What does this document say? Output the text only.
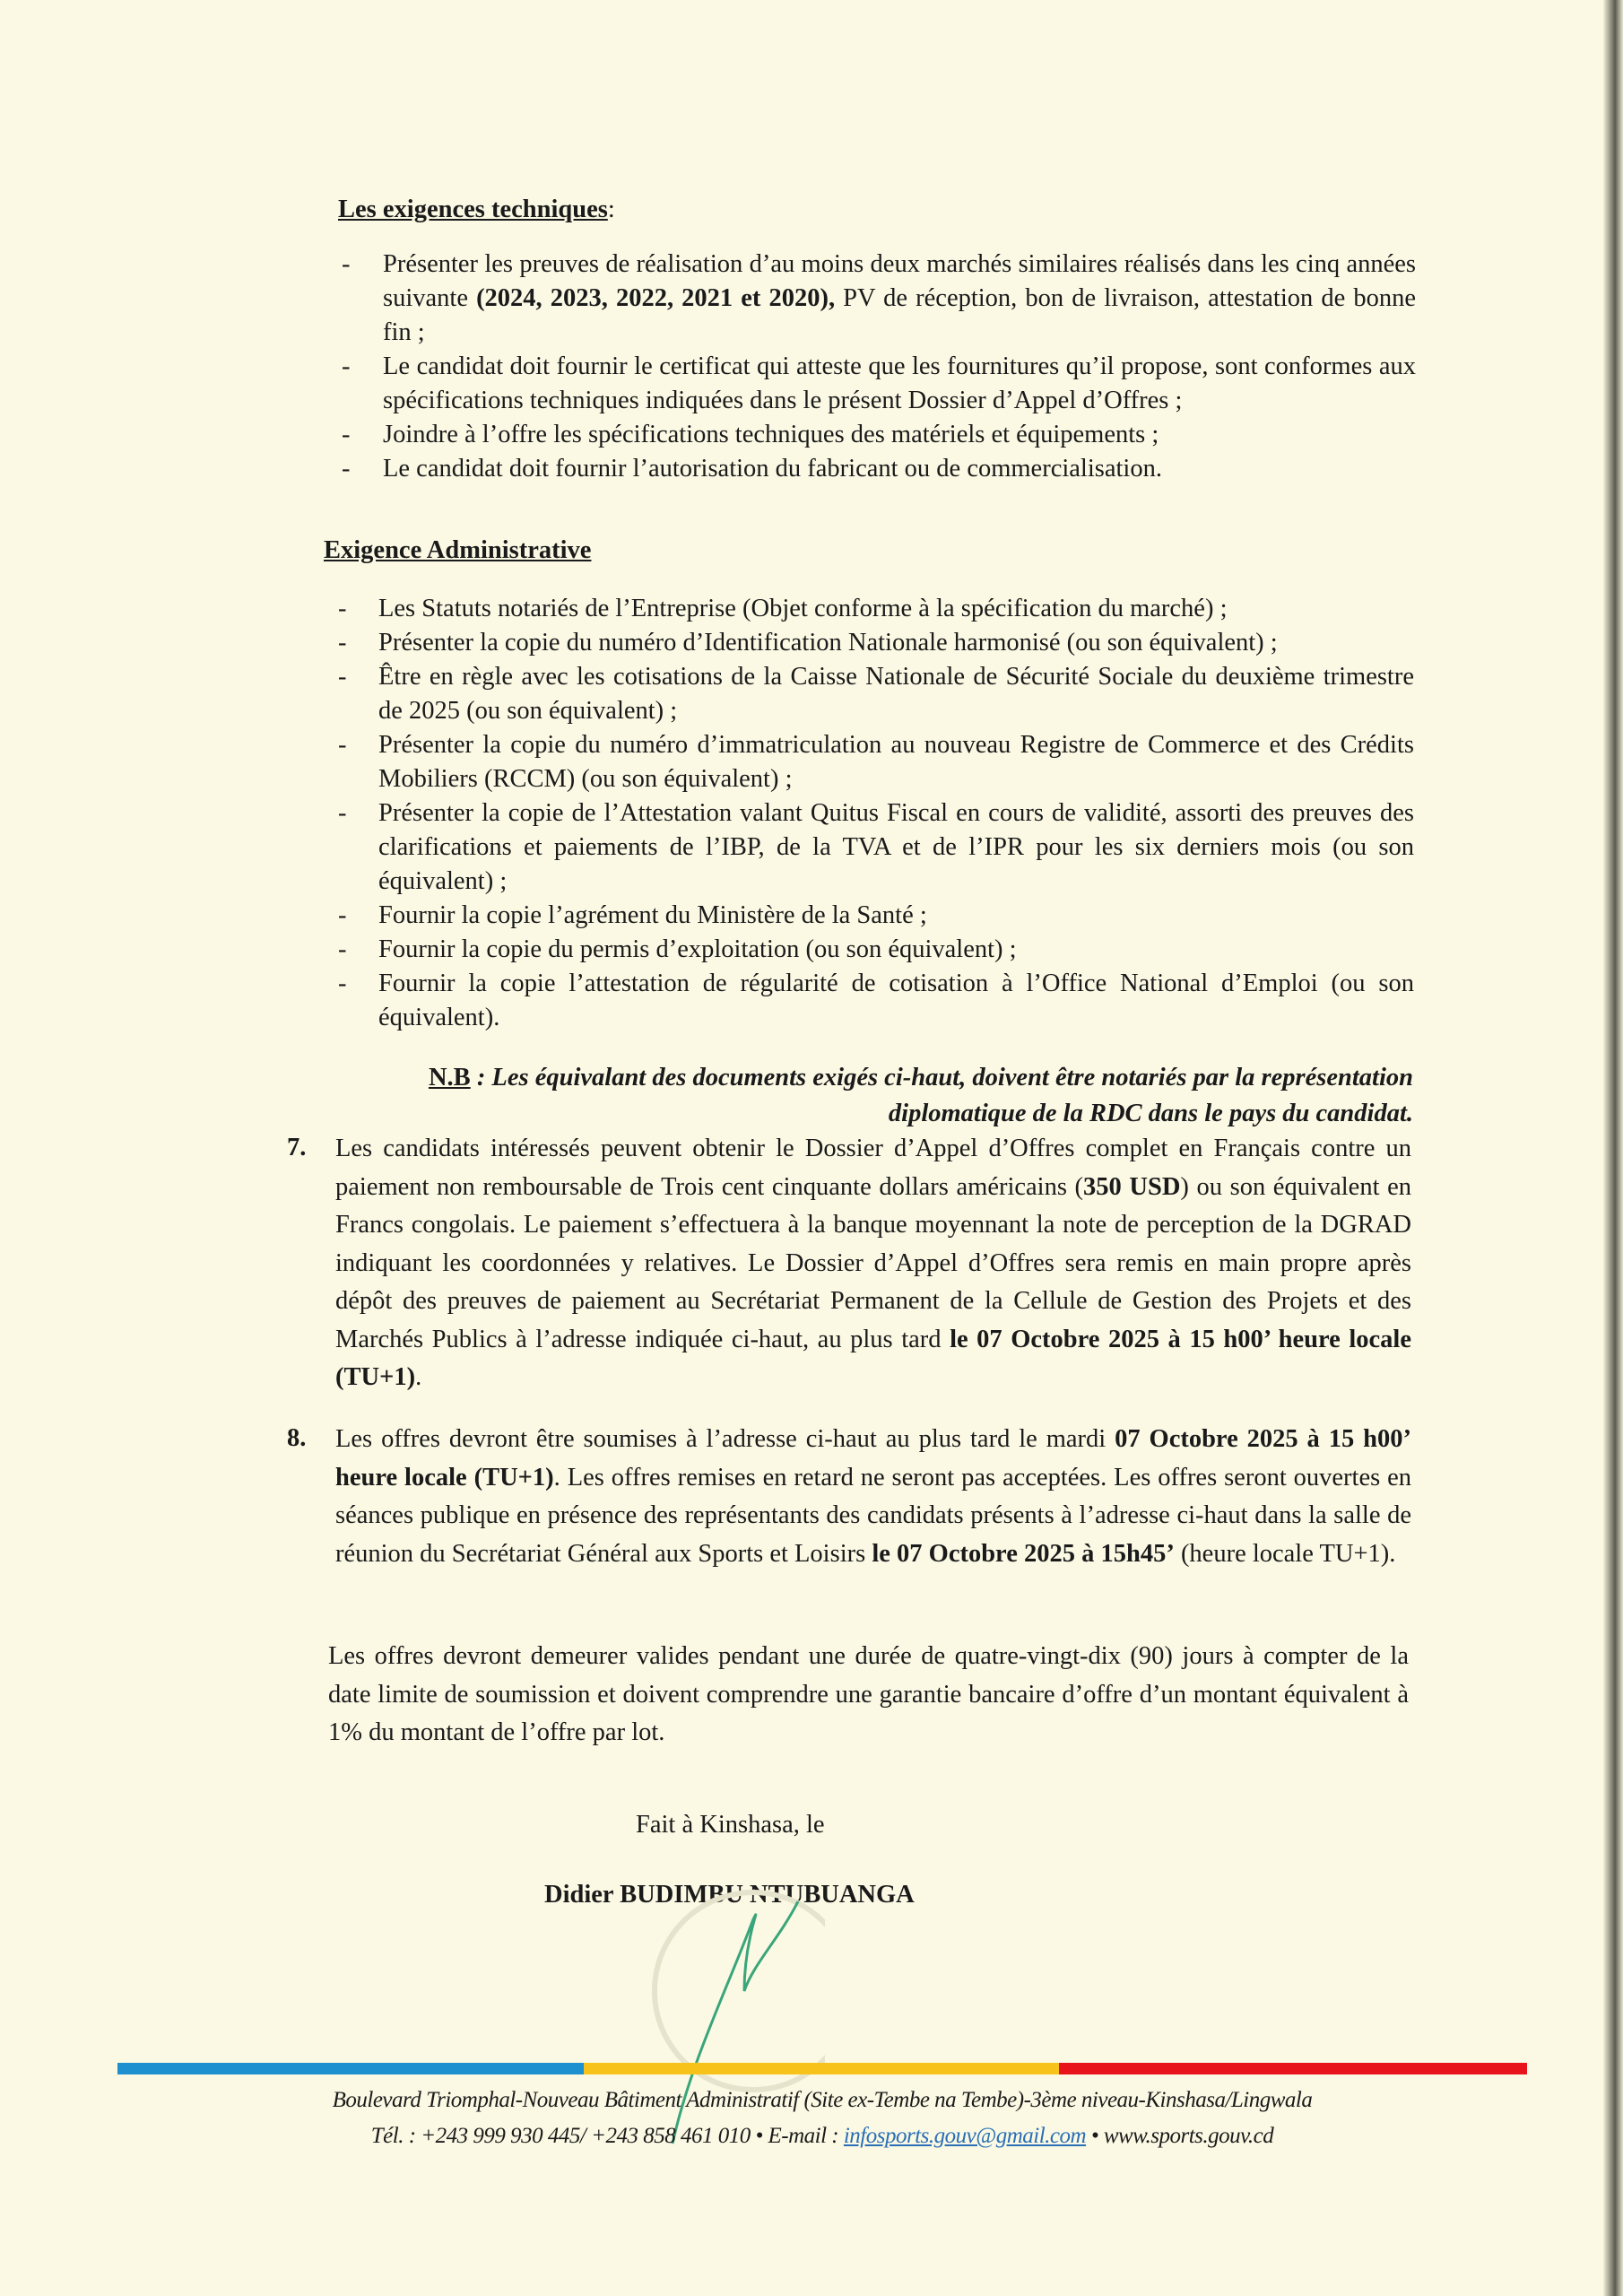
Les exigences techniques:
- Présenter les preuves de réalisation d’au moins deux marchés similaires réalisés dans les cinq années suivante (2024, 2023, 2022, 2021 et 2020), PV de réception, bon de livraison, attestation de bonne fin ;
- Le candidat doit fournir le certificat qui atteste que les fournitures qu’il propose, sont conformes aux spécifications techniques indiquées dans le présent Dossier d’Appel d’Offres ;
- Joindre à l’offre les spécifications techniques des matériels et équipements ;
- Le candidat doit fournir l’autorisation du fabricant ou de commercialisation.
Exigence Administrative
- Les Statuts notariés de l’Entreprise (Objet conforme à la spécification du marché) ;
- Présenter la copie du numéro d’Identification Nationale harmonisé (ou son équivalent) ;
- Être en règle avec les cotisations de la Caisse Nationale de Sécurité Sociale du deuxième trimestre de 2025 (ou son équivalent) ;
- Présenter la copie du numéro d’immatriculation au nouveau Registre de Commerce et des Crédits Mobiliers (RCCM) (ou son équivalent) ;
- Présenter la copie de l’Attestation valant Quitus Fiscal en cours de validité, assorti des preuves des clarifications et paiements de l’IBP, de la TVA et de l’IPR pour les six derniers mois (ou son équivalent) ;
- Fournir la copie l’agrément du Ministère de la Santé ;
- Fournir la copie du permis d’exploitation (ou son équivalent) ;
- Fournir la copie l’attestation de régularité de cotisation à l’Office National d’Emploi (ou son équivalent).
N.B : Les équivalant des documents exigés ci-haut, doivent être notariés par la représentation diplomatique de la RDC dans le pays du candidat.
7. Les candidats intéressés peuvent obtenir le Dossier d’Appel d’Offres complet en Français contre un paiement non remboursable de Trois cent cinquante dollars américains (350 USD) ou son équivalent en Francs congolais. Le paiement s’effectuera à la banque moyennant la note de perception de la DGRAD indiquant les coordonnées y relatives. Le Dossier d’Appel d’Offres sera remis en main propre après dépôt des preuves de paiement au Secrétariat Permanent de la Cellule de Gestion des Projets et des Marchés Publics à l’adresse indiquée ci-haut, au plus tard le 07 Octobre 2025 à 15 h00’ heure locale (TU+1).
8. Les offres devront être soumises à l’adresse ci-haut au plus tard le mardi 07 Octobre 2025 à 15 h00’ heure locale (TU+1). Les offres remises en retard ne seront pas acceptées. Les offres seront ouvertes en séances publique en présence des représentants des candidats présents à l’adresse ci-haut dans la salle de réunion du Secrétariat Général aux Sports et Loisirs le 07 Octobre 2025 à 15h45’ (heure locale TU+1).
Les offres devront demeurer valides pendant une durée de quatre-vingt-dix (90) jours à compter de la date limite de soumission et doivent comprendre une garantie bancaire d’offre d’un montant équivalent à 1% du montant de l’offre par lot.
Fait à Kinshasa, le
Didier BUDIMBU NTUBUANGA
Boulevard Triomphal-Nouveau Bâtiment Administratif (Site ex-Tembe na Tembe)-3ème niveau-Kinshasa/Lingwala
Tél. : +243 999 930 445/ +243 858 461 010 • E-mail : infosports.gouv@gmail.com • www.sports.gouv.cd
